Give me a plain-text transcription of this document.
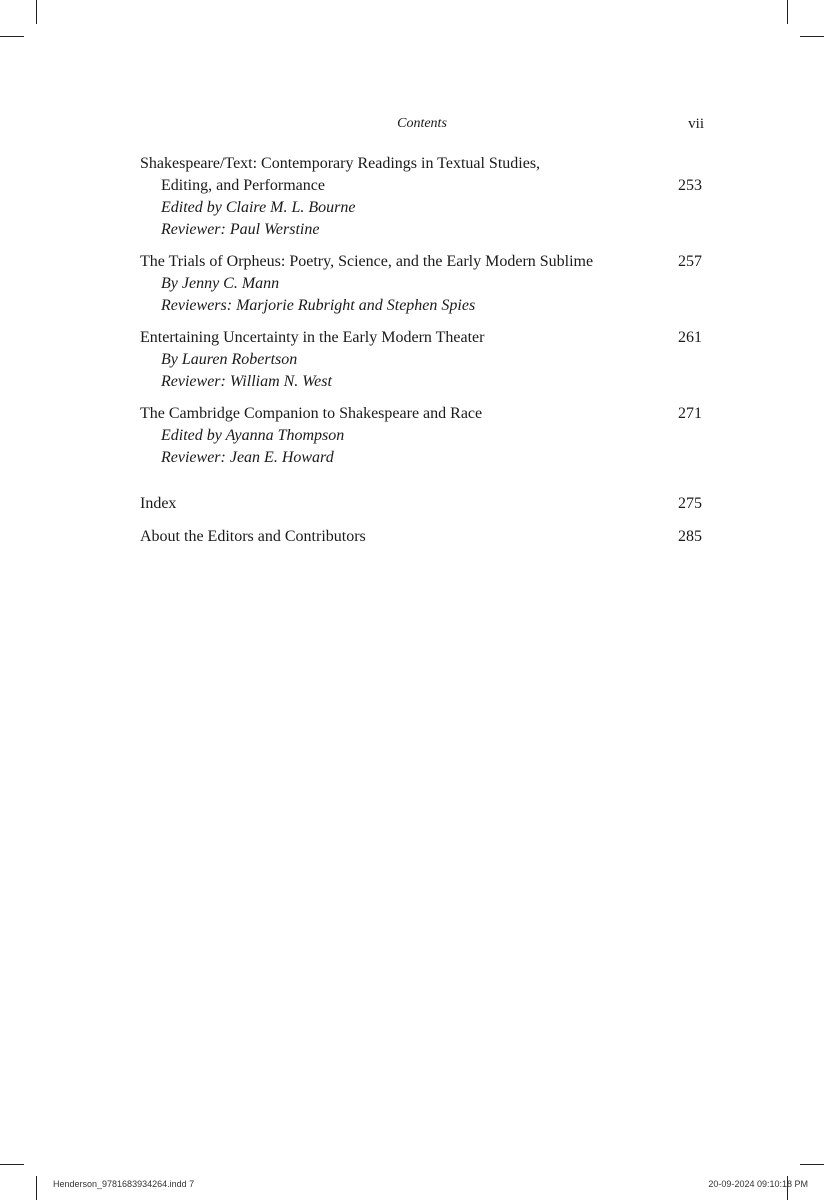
Contents	vii
Shakespeare/Text: Contemporary Readings in Textual Studies,
Editing, and Performance	253
Edited by Claire M. L. Bourne
Reviewer: Paul Werstine
The Trials of Orpheus: Poetry, Science, and the Early Modern Sublime	257
By Jenny C. Mann
Reviewers: Marjorie Rubright and Stephen Spies
Entertaining Uncertainty in the Early Modern Theater	261
By Lauren Robertson
Reviewer: William N. West
The Cambridge Companion to Shakespeare and Race	271
Edited by Ayanna Thompson
Reviewer: Jean E. Howard
Index	275
About the Editors and Contributors	285
Henderson_9781683934264.indd 7	20-09-2024 09:10:18 PM
